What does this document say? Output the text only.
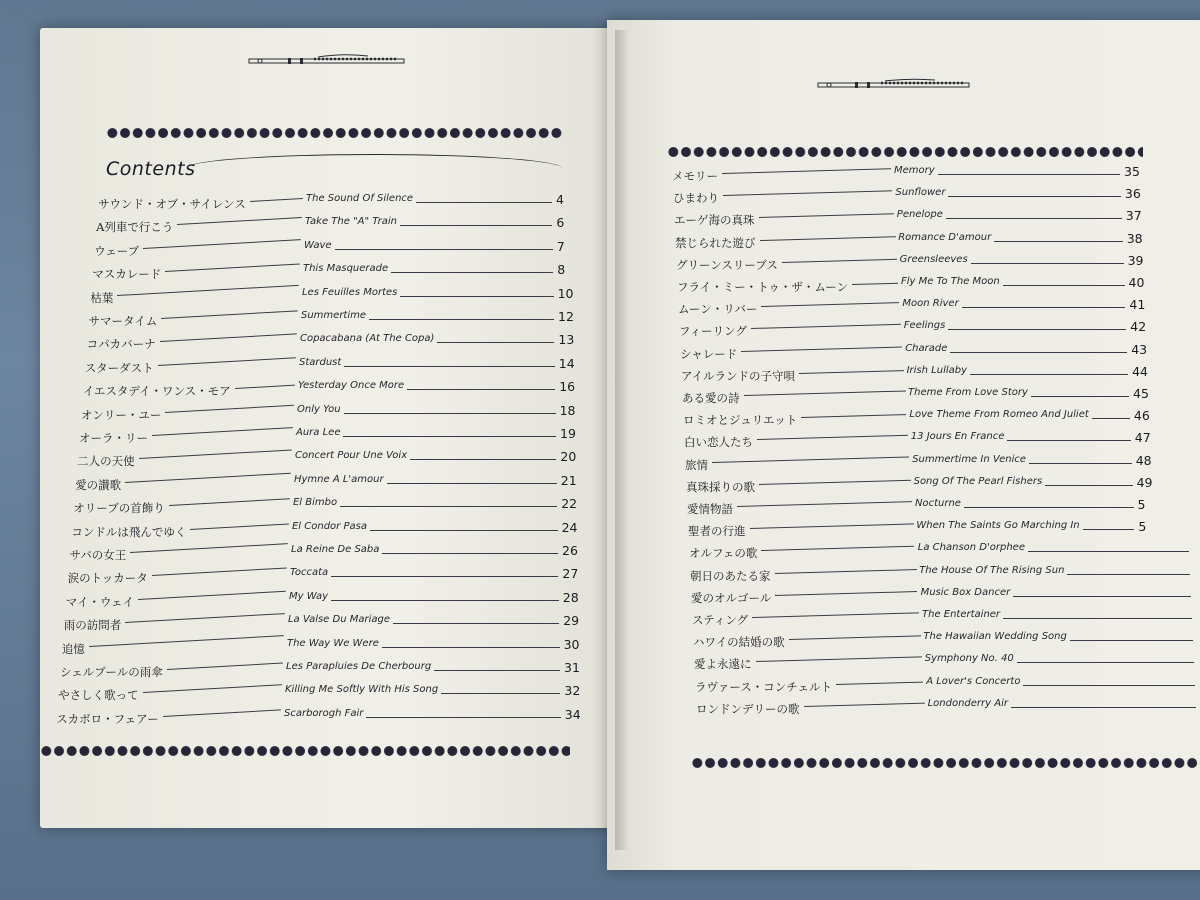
Contents
サウンド・オブ・サイレンス	The Sound Of Silence	4
A列車で行こう	Take The "A" Train	6
ウェーブ	Wave	7
マスカレード	This Masquerade	8
枯葉	Les Feuilles Mortes	10
サマータイム	Summertime	12
コパカバーナ	Copacabana (At The Copa)	13
スターダスト	Stardust	14
イエスタデイ・ワンス・モア	Yesterday Once More	16
オンリー・ユー	Only You	18
オーラ・リー	Aura Lee	19
二人の天使	Concert Pour Une Voix	20
愛の讃歌	Hymne A L'amour	21
オリーブの首飾り	El Bimbo	22
コンドルは飛んでゆく	El Condor Pasa	24
サバの女王	La Reine De Saba	26
涙のトッカータ	Toccata	27
マイ・ウェイ	My Way	28
雨の訪問者	La Valse Du Mariage	29
追憶	The Way We Were	30
シェルブールの雨傘	Les Parapluies De Cherbourg	31
やさしく歌って	Killing Me Softly With His Song	32
スカボロ・フェアー	Scarborogh Fair	34
メモリー	Memory	35
ひまわり	Sunflower	36
エーゲ海の真珠	Penelope	37
禁じられた遊び	Romance D'amour	38
グリーンスリーブス	Greensleeves	39
フライ・ミー・トゥ・ザ・ムーン	Fly Me To The Moon	40
ムーン・リバー	Moon River	41
フィーリング	Feelings	42
シャレード	Charade	43
アイルランドの子守唄	Irish Lullaby	44
ある愛の詩	Theme From Love Story	45
ロミオとジュリエット	Love Theme From Romeo And Juliet	46
白い恋人たち	13 Jours En France	47
旅情	Summertime In Venice	48
真珠採りの歌	Song Of The Pearl Fishers	49
愛情物語	Nocturne	5
聖者の行進	When The Saints Go Marching In	5
オルフェの歌	La Chanson D'orphee
朝日のあたる家	The House Of The Rising Sun
愛のオルゴール	Music Box Dancer
スティング	The Entertainer
ハワイの結婚の歌	The Hawaiian Wedding Song
愛よ永遠に	Symphony No. 40
ラヴァース・コンチェルト	A Lover's Concerto
ロンドンデリーの歌	Londonderry Air
